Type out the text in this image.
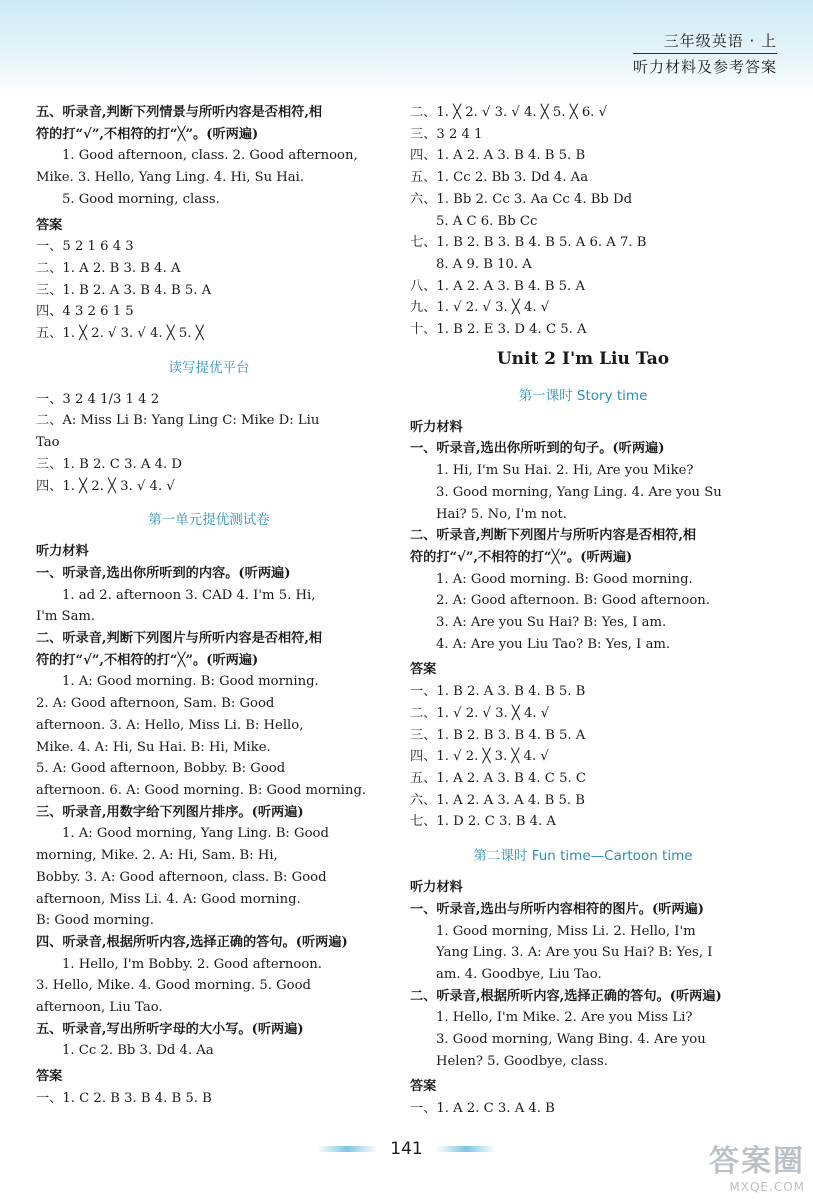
三年级英语 · 上
听力材料及参考答案
五、听录音,判断下列情景与所听内容是否相符,相
符的打“√”,不相符的打“╳”。(听两遍)
1. Good afternoon, class. 2. Good afternoon,
Mike. 3. Hello, Yang Ling. 4. Hi, Su Hai.
5. Good morning, class.
答案
一、5 2 1 6 4 3
二、1. A 2. B 3. B 4. A
三、1. B 2. A 3. B 4. B 5. A
四、4 3 2 6 1 5
五、1. ╳ 2. √ 3. √ 4. ╳ 5. ╳
读写提优平台
一、3 2 4 1/3 1 4 2
二、A: Miss Li B: Yang Ling C: Mike D: Liu
Tao
三、1. B 2. C 3. A 4. D
四、1. ╳ 2. ╳ 3. √ 4. √
第一单元提优测试卷
听力材料
一、听录音,选出你所听到的内容。(听两遍)
1. ad 2. afternoon 3. CAD 4. I'm 5. Hi,
I'm Sam.
二、听录音,判断下列图片与所听内容是否相符,相
符的打“√”,不相符的打“╳”。(听两遍)
1. A: Good morning. B: Good morning.
2. A: Good afternoon, Sam. B: Good
afternoon. 3. A: Hello, Miss Li. B: Hello,
Mike. 4. A: Hi, Su Hai. B: Hi, Mike.
5. A: Good afternoon, Bobby. B: Good
afternoon. 6. A: Good morning. B: Good morning.
三、听录音,用数字给下列图片排序。(听两遍)
1. A: Good morning, Yang Ling. B: Good
morning, Mike. 2. A: Hi, Sam. B: Hi,
Bobby. 3. A: Good afternoon, class. B: Good
afternoon, Miss Li. 4. A: Good morning.
B: Good morning.
四、听录音,根据所听内容,选择正确的答句。(听两遍)
1. Hello, I'm Bobby. 2. Good afternoon.
3. Hello, Mike. 4. Good morning. 5. Good
afternoon, Liu Tao.
五、听录音,写出所听字母的大小写。(听两遍)
1. Cc 2. Bb 3. Dd 4. Aa
答案
一、1. C 2. B 3. B 4. B 5. B
二、1. ╳ 2. √ 3. √ 4. ╳ 5. ╳ 6. √
三、3 2 4 1
四、1. A 2. A 3. B 4. B 5. B
五、1. Cc 2. Bb 3. Dd 4. Aa
六、1. Bb 2. Cc 3. Aa Cc 4. Bb Dd
5. A C 6. Bb Cc
七、1. B 2. B 3. B 4. B 5. A 6. A 7. B
8. A 9. B 10. A
八、1. A 2. A 3. B 4. B 5. A
九、1. √ 2. √ 3. ╳ 4. √
十、1. B 2. E 3. D 4. C 5. A
Unit 2 I'm Liu Tao
第一课时 Story time
听力材料
一、听录音,选出你所听到的句子。(听两遍)
1. Hi, I'm Su Hai. 2. Hi, Are you Mike?
3. Good morning, Yang Ling. 4. Are you Su
Hai? 5. No, I'm not.
二、听录音,判断下列图片与所听内容是否相符,相
符的打“√”,不相符的打“╳”。(听两遍)
1. A: Good morning. B: Good morning.
2. A: Good afternoon. B: Good afternoon.
3. A: Are you Su Hai? B: Yes, I am.
4. A: Are you Liu Tao? B: Yes, I am.
答案
一、1. B 2. A 3. B 4. B 5. B
二、1. √ 2. √ 3. ╳ 4. √
三、1. B 2. B 3. B 4. B 5. A
四、1. √ 2. ╳ 3. ╳ 4. √
五、1. A 2. A 3. B 4. C 5. C
六、1. A 2. A 3. A 4. B 5. B
七、1. D 2. C 3. B 4. A
第二课时 Fun time—Cartoon time
听力材料
一、听录音,选出与所听内容相符的图片。(听两遍)
1. Good morning, Miss Li. 2. Hello, I'm
Yang Ling. 3. A: Are you Su Hai? B: Yes, I
am. 4. Goodbye, Liu Tao.
二、听录音,根据所听内容,选择正确的答句。(听两遍)
1. Hello, I'm Mike. 2. Are you Miss Li?
3. Good morning, Wang Bing. 4. Are you
Helen? 5. Goodbye, class.
答案
一、1. A 2. C 3. A 4. B
141	答案圈
MXQE.COM
